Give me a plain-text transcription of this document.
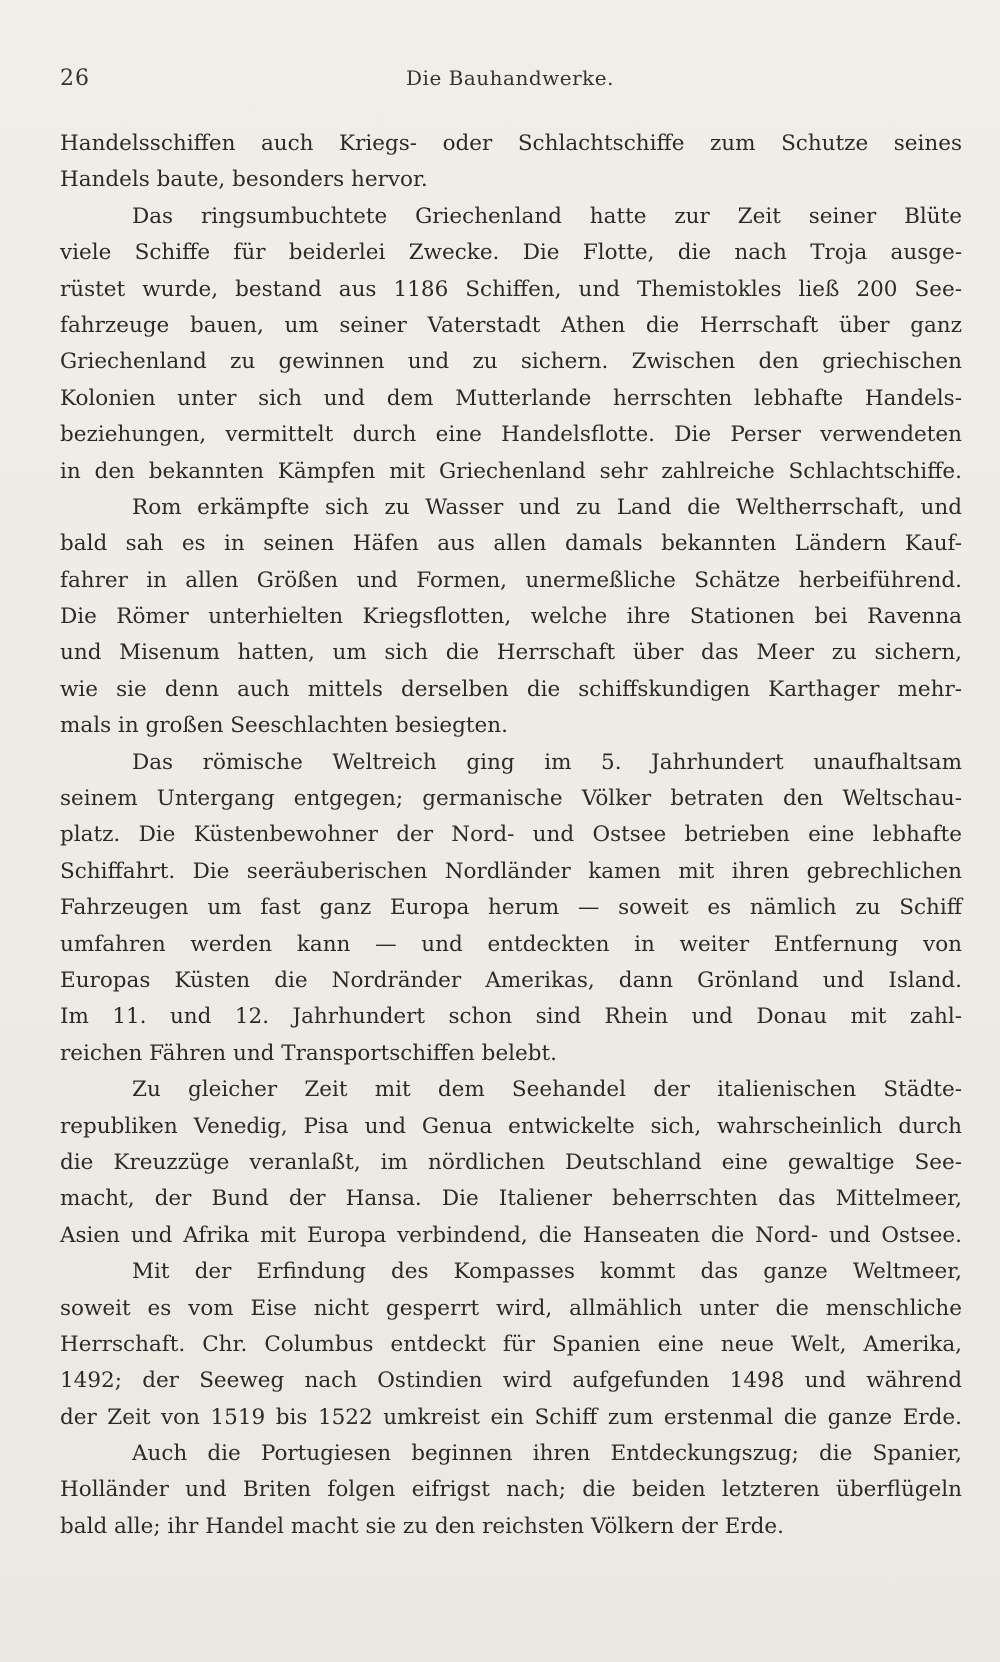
26	Die Bauhandwerke.
Handelsschiffen auch Kriegs- oder Schlachtschiffe zum Schutze seines
Handels baute, besonders hervor.
Das ringsumbuchtete Griechenland hatte zur Zeit seiner Blüte
viele Schiffe für beiderlei Zwecke. Die Flotte, die nach Troja ausge-
rüstet wurde, bestand aus 1186 Schiffen, und Themistokles ließ 200 See-
fahrzeuge bauen, um seiner Vaterstadt Athen die Herrschaft über ganz
Griechenland zu gewinnen und zu sichern. Zwischen den griechischen
Kolonien unter sich und dem Mutterlande herrschten lebhafte Handels-
beziehungen, vermittelt durch eine Handelsflotte. Die Perser verwendeten
in den bekannten Kämpfen mit Griechenland sehr zahlreiche Schlachtschiffe.
Rom erkämpfte sich zu Wasser und zu Land die Weltherrschaft, und
bald sah es in seinen Häfen aus allen damals bekannten Ländern Kauf-
fahrer in allen Größen und Formen, unermeßliche Schätze herbeiführend.
Die Römer unterhielten Kriegsflotten, welche ihre Stationen bei Ravenna
und Misenum hatten, um sich die Herrschaft über das Meer zu sichern,
wie sie denn auch mittels derselben die schiffskundigen Karthager mehr-
mals in großen Seeschlachten besiegten.
Das römische Weltreich ging im 5. Jahrhundert unaufhaltsam
seinem Untergang entgegen; germanische Völker betraten den Weltschau-
platz. Die Küstenbewohner der Nord- und Ostsee betrieben eine lebhafte
Schiffahrt. Die seeräuberischen Nordländer kamen mit ihren gebrechlichen
Fahrzeugen um fast ganz Europa herum — soweit es nämlich zu Schiff
umfahren werden kann — und entdeckten in weiter Entfernung von
Europas Küsten die Nordränder Amerikas, dann Grönland und Island.
Im 11. und 12. Jahrhundert schon sind Rhein und Donau mit zahl-
reichen Fähren und Transportschiffen belebt.
Zu gleicher Zeit mit dem Seehandel der italienischen Städte-
republiken Venedig, Pisa und Genua entwickelte sich, wahrscheinlich durch
die Kreuzzüge veranlaßt, im nördlichen Deutschland eine gewaltige See-
macht, der Bund der Hansa. Die Italiener beherrschten das Mittelmeer,
Asien und Afrika mit Europa verbindend, die Hanseaten die Nord- und Ostsee.
Mit der Erfindung des Kompasses kommt das ganze Weltmeer,
soweit es vom Eise nicht gesperrt wird, allmählich unter die menschliche
Herrschaft. Chr. Columbus entdeckt für Spanien eine neue Welt, Amerika,
1492; der Seeweg nach Ostindien wird aufgefunden 1498 und während
der Zeit von 1519 bis 1522 umkreist ein Schiff zum erstenmal die ganze Erde.
Auch die Portugiesen beginnen ihren Entdeckungszug; die Spanier,
Holländer und Briten folgen eifrigst nach; die beiden letzteren überflügeln
bald alle; ihr Handel macht sie zu den reichsten Völkern der Erde.
